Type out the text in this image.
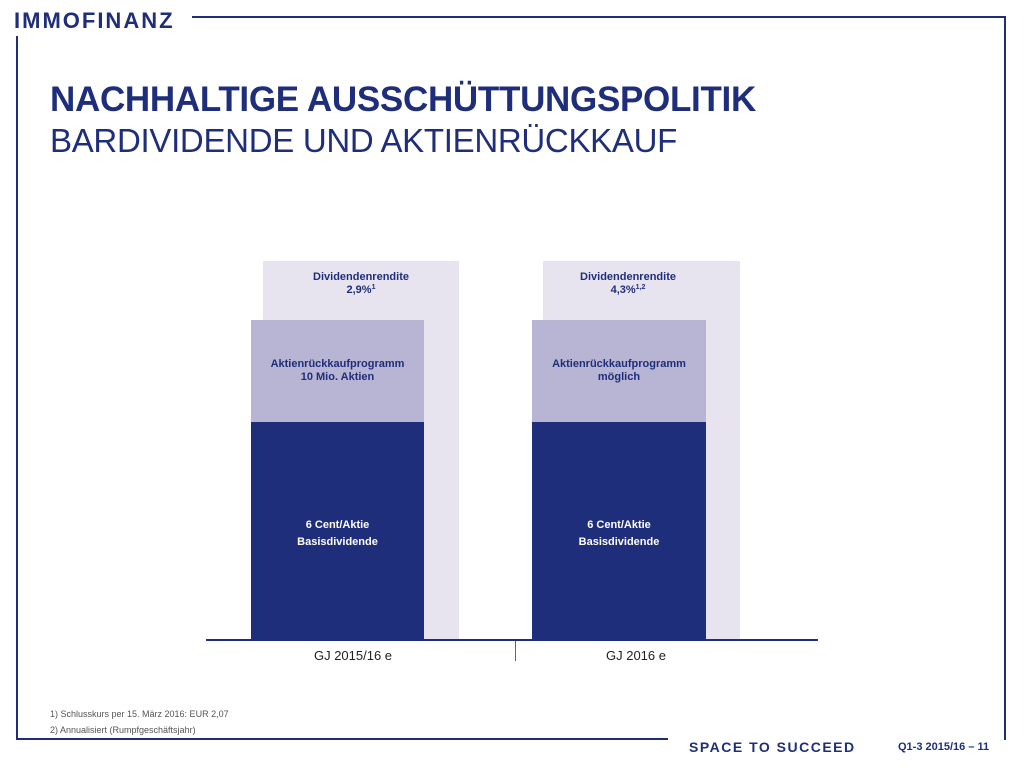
IMMOFINANZ
NACHHALTIGE AUSSCHÜTTUNGSPOLITIK
BARDIVIDENDE UND AKTIENRÜCKKAUF
Dividendenrendite
2,9%$^1$
Aktienrückkaufprogramm
10 Mio. Aktien
6 Cent/Aktie
Basisdividende
Dividendenrendite
4,3%$^{1,2}$
Aktienrückkaufprogramm
möglich
6 Cent/Aktie
Basisdividende
GJ 2015/16 e	GJ 2016 e
1) Schlusskurs per 15. März 2016: EUR 2,07
2) Annualisiert (Rumpfgeschäftsjahr)
SPACE TO SUCCEED	Q1-3 2015/16 – 11
